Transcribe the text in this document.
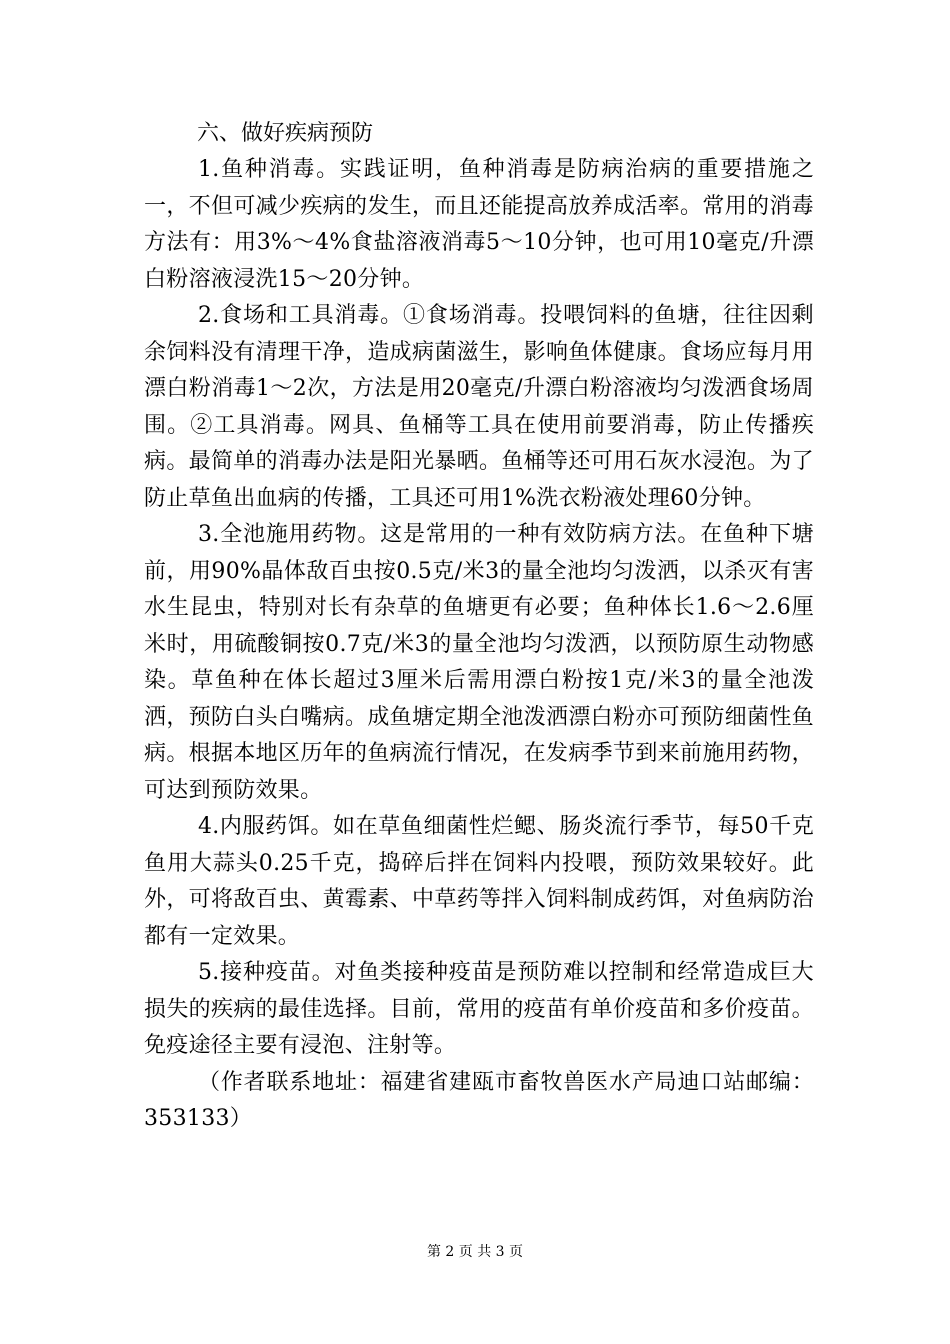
六、做好疾病预防

1.鱼种消毒。实践证明，鱼种消毒是防病治病的重要措施之一，不但可减少疾病的发生，而且还能提高放养成活率。常用的消毒方法有：用3%～4%食盐溶液消毒5～10分钟，也可用10毫克/升漂白粉溶液浸洗15～20分钟。

2.食场和工具消毒。①食场消毒。投喂饲料的鱼塘，往往因剩余饲料没有清理干净，造成病菌滋生，影响鱼体健康。食场应每月用漂白粉消毒1～2次，方法是用20毫克/升漂白粉溶液均匀泼洒食场周围。②工具消毒。网具、鱼桶等工具在使用前要消毒，防止传播疾病。最简单的消毒办法是阳光暴晒。鱼桶等还可用石灰水浸泡。为了防止草鱼出血病的传播，工具还可用1%洗衣粉液处理60分钟。

3.全池施用药物。这是常用的一种有效防病方法。在鱼种下塘前，用90%晶体敌百虫按0.5克/米3的量全池均匀泼洒，以杀灭有害水生昆虫，特别对长有杂草的鱼塘更有必要；鱼种体长1.6～2.6厘米时，用硫酸铜按0.7克/米3的量全池均匀泼洒，以预防原生动物感染。草鱼种在体长超过3厘米后需用漂白粉按1克/米3的量全池泼洒，预防白头白嘴病。成鱼塘定期全池泼洒漂白粉亦可预防细菌性鱼病。根据本地区历年的鱼病流行情况，在发病季节到来前施用药物，可达到预防效果。

4.内服药饵。如在草鱼细菌性烂鳃、肠炎流行季节，每50千克鱼用大蒜头0.25千克，捣碎后拌在饲料内投喂，预防效果较好。此外，可将敌百虫、黄霉素、中草药等拌入饲料制成药饵，对鱼病防治都有一定效果。

5.接种疫苗。对鱼类接种疫苗是预防难以控制和经常造成巨大损失的疾病的最佳选择。目前，常用的疫苗有单价疫苗和多价疫苗。免疫途径主要有浸泡、注射等。

（作者联系地址：福建省建瓯市畜牧兽医水产局迪口站邮编：353133）

第 2 页 共 3 页
